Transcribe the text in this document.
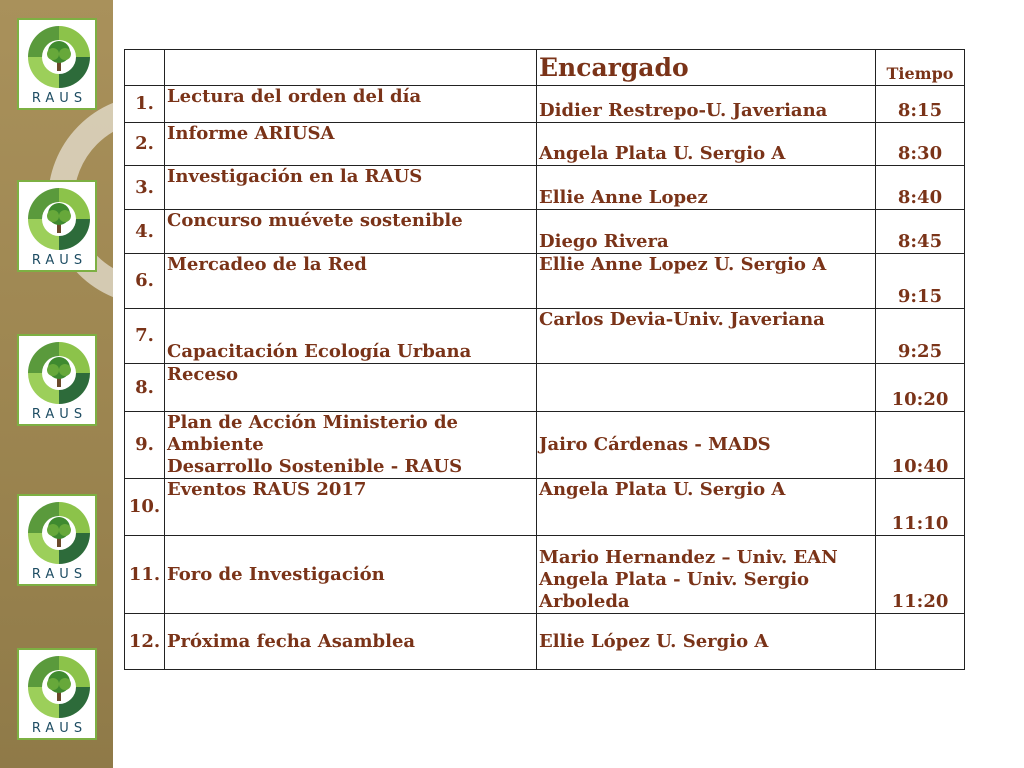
RAUS
RAUS
RAUS
RAUS
RAUS
		Encargado	Tiempo
1.	Lectura del orden del día	Didier Restrepo-U. Javeriana	8:15
2.	Informe ARIUSA	Angela Plata U. Sergio A	8:30
3.	Investigación en la RAUS	Ellie Anne Lopez	8:40
4.	Concurso muévete sostenible	Diego Rivera	8:45
6.	Mercadeo de la Red	Ellie Anne Lopez U. Sergio A	9:15
7.	Capacitación Ecología Urbana	Carlos Devia-Univ. Javeriana	9:25
8.	Receso		10:20
9.	Plan de Acción Ministerio de Ambiente
Desarrollo Sostenible - RAUS	Jairo Cárdenas - MADS	10:40
10.	Eventos RAUS 2017	Angela Plata U. Sergio A	11:10
11.	Foro de Investigación	Mario Hernandez – Univ. EAN
Angela Plata - Univ. Sergio Arboleda	11:20
12.	Próxima fecha Asamblea	Ellie López U. Sergio A	
